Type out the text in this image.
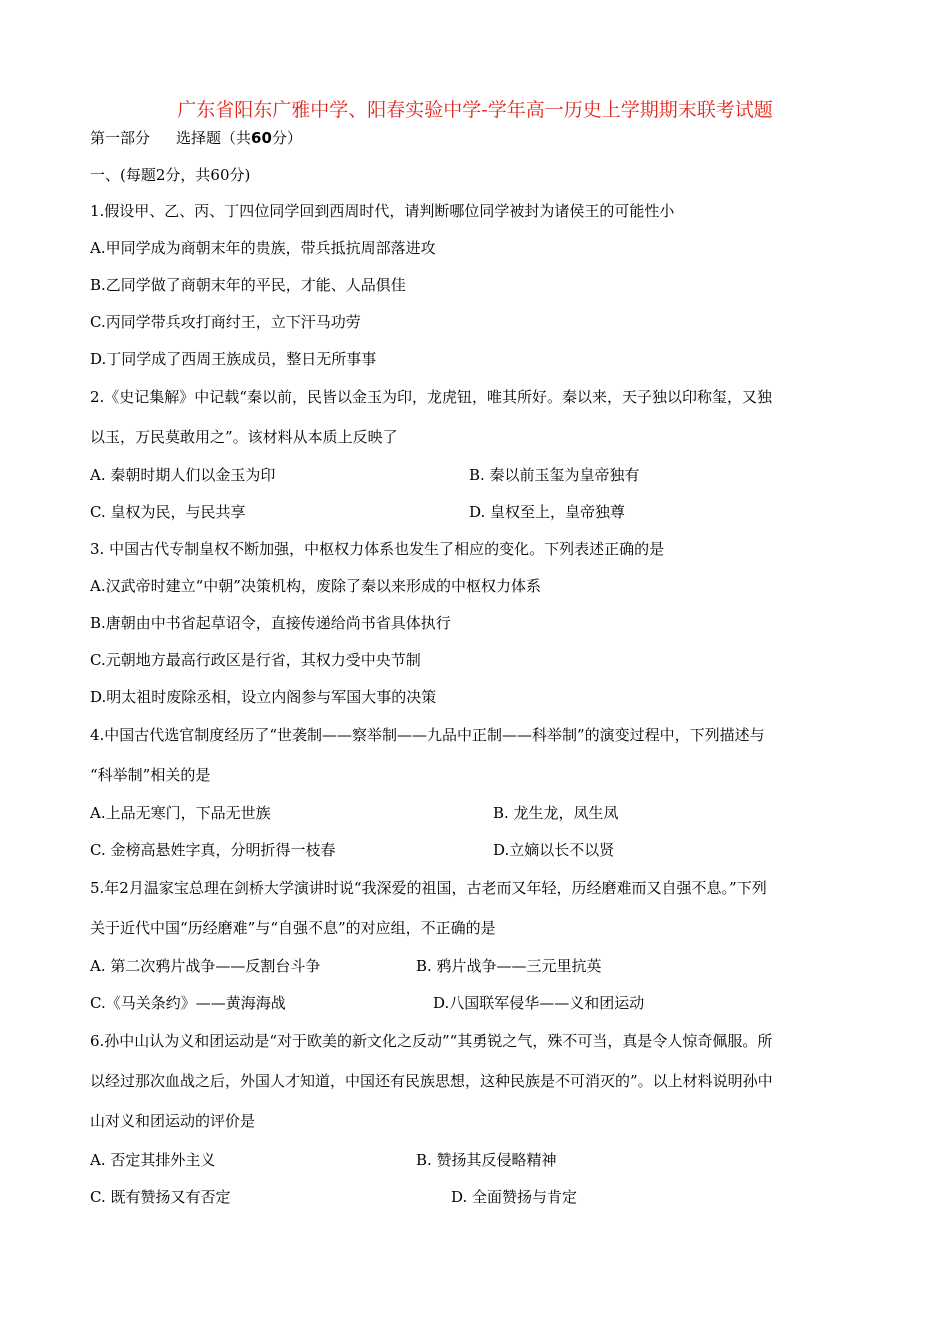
广东省阳东广雅中学、阳春实验中学-学年高一历史上学期期末联考试题
第一部分 选择题（共60分）
一、(每题2分，共60分)
1.假设甲、乙、丙、丁四位同学回到西周时代，请判断哪位同学被封为诸侯王的可能性小
A.甲同学成为商朝末年的贵族，带兵抵抗周部落进攻
B.乙同学做了商朝末年的平民，才能、人品俱佳
C.丙同学带兵攻打商纣王，立下汗马功劳
D.丁同学成了西周王族成员，整日无所事事
2.《史记集解》中记载“秦以前，民皆以金玉为印，龙虎钮，唯其所好。秦以来，天子独以印称玺，又独
以玉，万民莫敢用之”。该材料从本质上反映了
A. 秦朝时期人们以金玉为印	B. 秦以前玉玺为皇帝独有
C. 皇权为民，与民共享	D. 皇权至上，皇帝独尊
3. 中国古代专制皇权不断加强，中枢权力体系也发生了相应的变化。下列表述正确的是
A.汉武帝时建立“中朝”决策机构，废除了秦以来形成的中枢权力体系
B.唐朝由中书省起草诏令，直接传递给尚书省具体执行
C.元朝地方最高行政区是行省，其权力受中央节制
D.明太祖时废除丞相，设立内阁参与军国大事的决策
4.中国古代选官制度经历了“世袭制——察举制——九品中正制——科举制”的演变过程中，下列描述与
“科举制”相关的是
A.上品无寒门，下品无世族	B. 龙生龙，凤生凤
C. 金榜高悬姓字真，分明折得一枝春	D.立嫡以长不以贤
5.年2月温家宝总理在剑桥大学演讲时说“我深爱的祖国，古老而又年轻，历经磨难而又自强不息。”下列
关于近代中国“历经磨难”与“自强不息”的对应组，不正确的是
A. 第二次鸦片战争——反割台斗争	B. 鸦片战争——三元里抗英
C.《马关条约》——黄海海战	D.八国联军侵华——义和团运动
6.孙中山认为义和团运动是“对于欧美的新文化之反动”“其勇锐之气，殊不可当，真是令人惊奇佩服。所
以经过那次血战之后，外国人才知道，中国还有民族思想，这种民族是不可消灭的”。以上材料说明孙中
山对义和团运动的评价是
A. 否定其排外主义	B. 赞扬其反侵略精神
C. 既有赞扬又有否定	D. 全面赞扬与肯定
